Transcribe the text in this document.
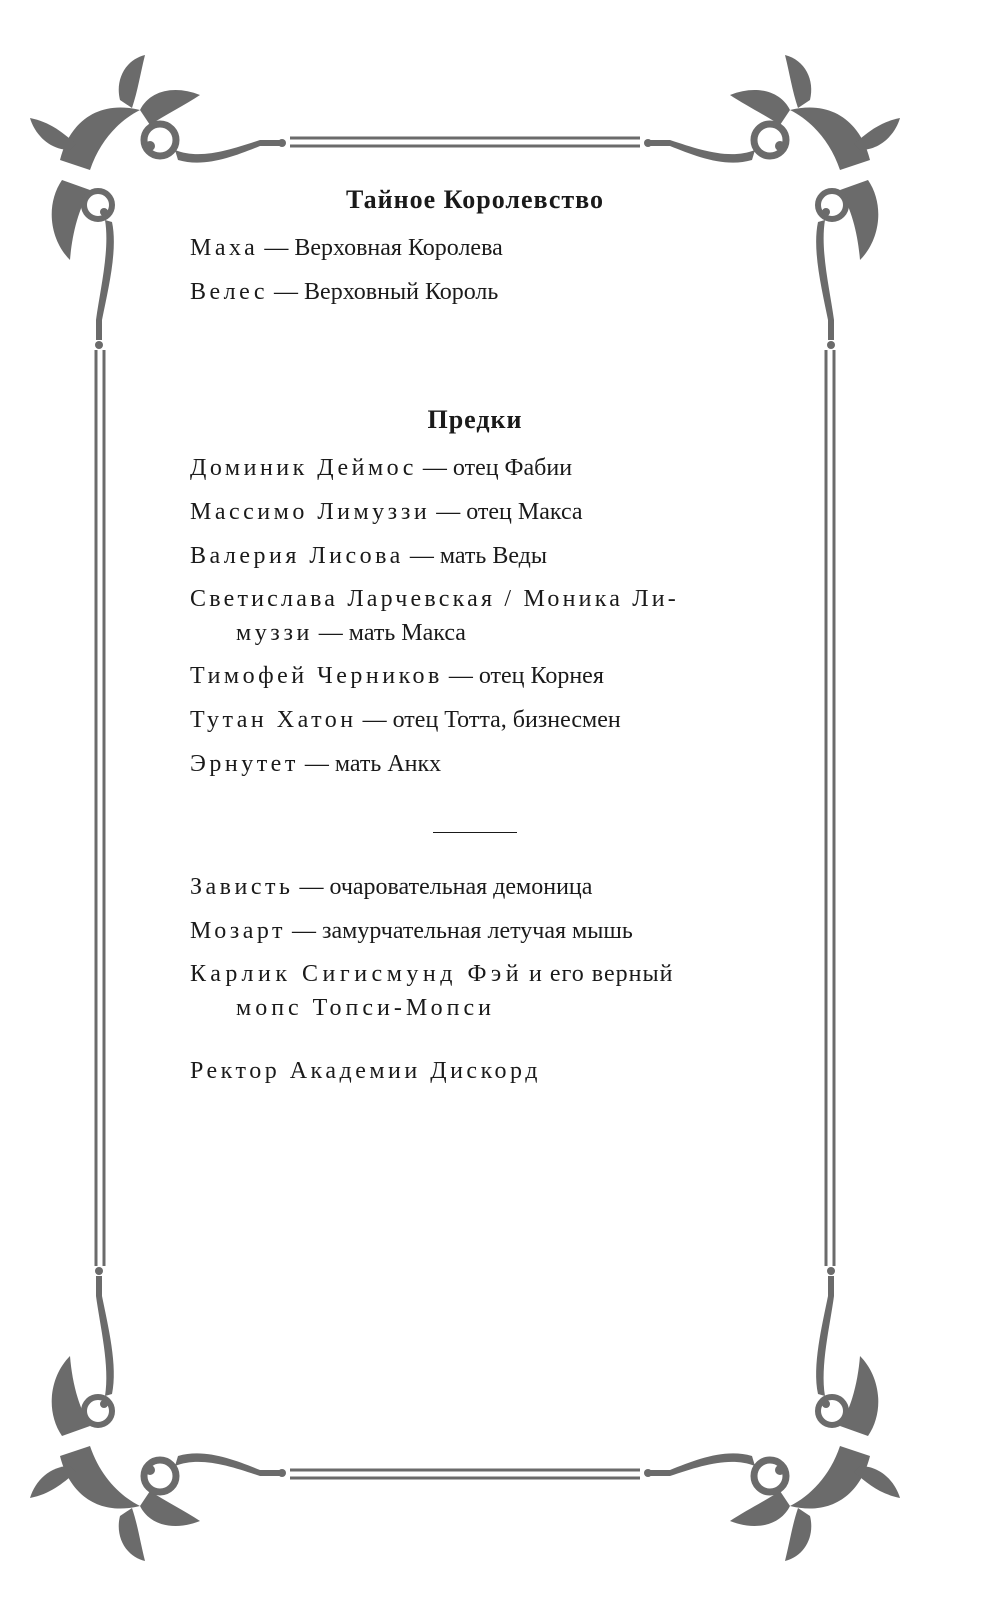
Тайное Королевство
Маха — Верховная Королева
Велес — Верховный Король
Предки
Доминик Деймос — отец Фабии
Массимо Лимуззи — отец Макса
Валерия Лисова — мать Веды
Светислава Ларчевская / Моника Ли-
муззи — мать Макса
Тимофей Черников — отец Корнея
Тутан Хатон — отец Тотта, бизнесмен
Эрнутет — мать Анкх
Зависть — очаровательная демоница
Мозарт — замурчательная летучая мышь
Карлик Сигисмунд Фэй и его верный
мопс Топси-Мопси
Ректор Академии Дискорд
